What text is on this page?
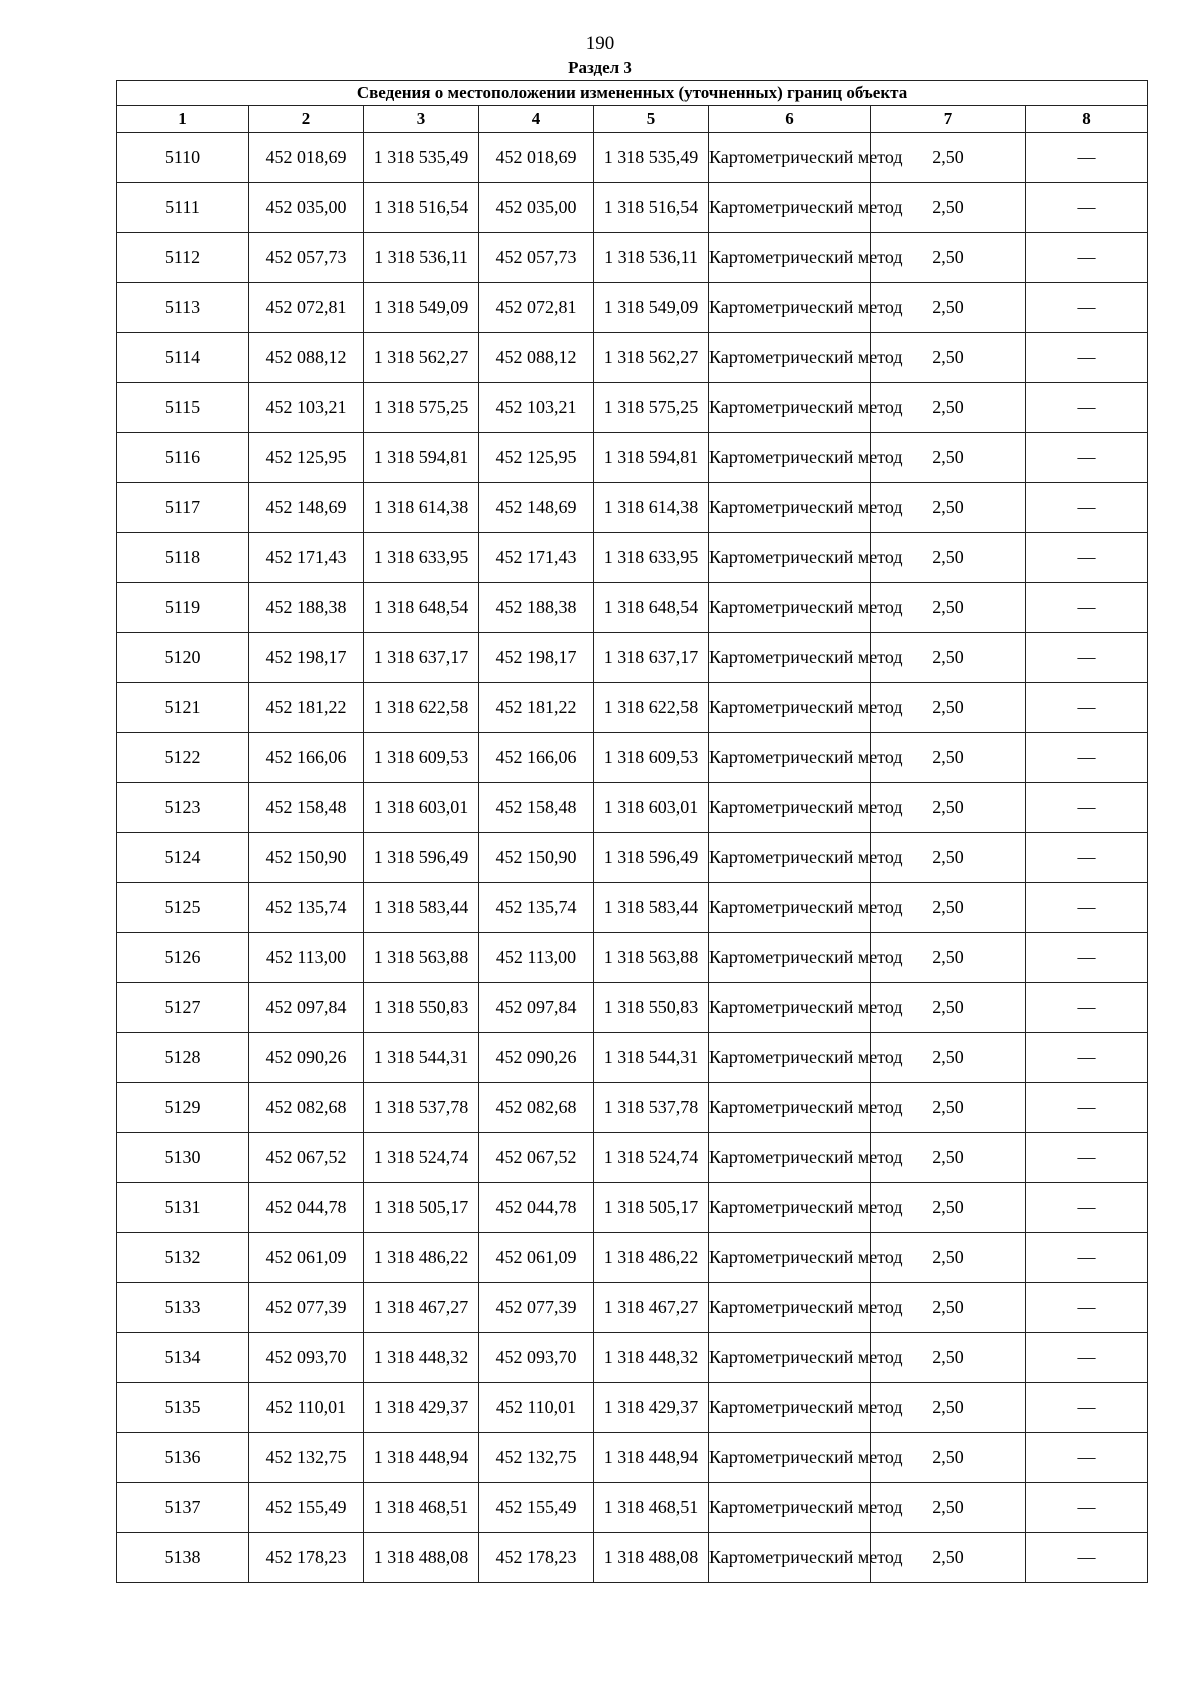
190
Раздел 3
Сведения о местоположении измененных (уточненных) границ объекта							
1	2	3	4	5	6	7	8
5110	452 018,69	1 318 535,49	452 018,69	1 318 535,49	Картометрический метод	2,50	—
5111	452 035,00	1 318 516,54	452 035,00	1 318 516,54	Картометрический метод	2,50	—
5112	452 057,73	1 318 536,11	452 057,73	1 318 536,11	Картометрический метод	2,50	—
5113	452 072,81	1 318 549,09	452 072,81	1 318 549,09	Картометрический метод	2,50	—
5114	452 088,12	1 318 562,27	452 088,12	1 318 562,27	Картометрический метод	2,50	—
5115	452 103,21	1 318 575,25	452 103,21	1 318 575,25	Картометрический метод	2,50	—
5116	452 125,95	1 318 594,81	452 125,95	1 318 594,81	Картометрический метод	2,50	—
5117	452 148,69	1 318 614,38	452 148,69	1 318 614,38	Картометрический метод	2,50	—
5118	452 171,43	1 318 633,95	452 171,43	1 318 633,95	Картометрический метод	2,50	—
5119	452 188,38	1 318 648,54	452 188,38	1 318 648,54	Картометрический метод	2,50	—
5120	452 198,17	1 318 637,17	452 198,17	1 318 637,17	Картометрический метод	2,50	—
5121	452 181,22	1 318 622,58	452 181,22	1 318 622,58	Картометрический метод	2,50	—
5122	452 166,06	1 318 609,53	452 166,06	1 318 609,53	Картометрический метод	2,50	—
5123	452 158,48	1 318 603,01	452 158,48	1 318 603,01	Картометрический метод	2,50	—
5124	452 150,90	1 318 596,49	452 150,90	1 318 596,49	Картометрический метод	2,50	—
5125	452 135,74	1 318 583,44	452 135,74	1 318 583,44	Картометрический метод	2,50	—
5126	452 113,00	1 318 563,88	452 113,00	1 318 563,88	Картометрический метод	2,50	—
5127	452 097,84	1 318 550,83	452 097,84	1 318 550,83	Картометрический метод	2,50	—
5128	452 090,26	1 318 544,31	452 090,26	1 318 544,31	Картометрический метод	2,50	—
5129	452 082,68	1 318 537,78	452 082,68	1 318 537,78	Картометрический метод	2,50	—
5130	452 067,52	1 318 524,74	452 067,52	1 318 524,74	Картометрический метод	2,50	—
5131	452 044,78	1 318 505,17	452 044,78	1 318 505,17	Картометрический метод	2,50	—
5132	452 061,09	1 318 486,22	452 061,09	1 318 486,22	Картометрический метод	2,50	—
5133	452 077,39	1 318 467,27	452 077,39	1 318 467,27	Картометрический метод	2,50	—
5134	452 093,70	1 318 448,32	452 093,70	1 318 448,32	Картометрический метод	2,50	—
5135	452 110,01	1 318 429,37	452 110,01	1 318 429,37	Картометрический метод	2,50	—
5136	452 132,75	1 318 448,94	452 132,75	1 318 448,94	Картометрический метод	2,50	—
5137	452 155,49	1 318 468,51	452 155,49	1 318 468,51	Картометрический метод	2,50	—
5138	452 178,23	1 318 488,08	452 178,23	1 318 488,08	Картометрический метод	2,50	—
